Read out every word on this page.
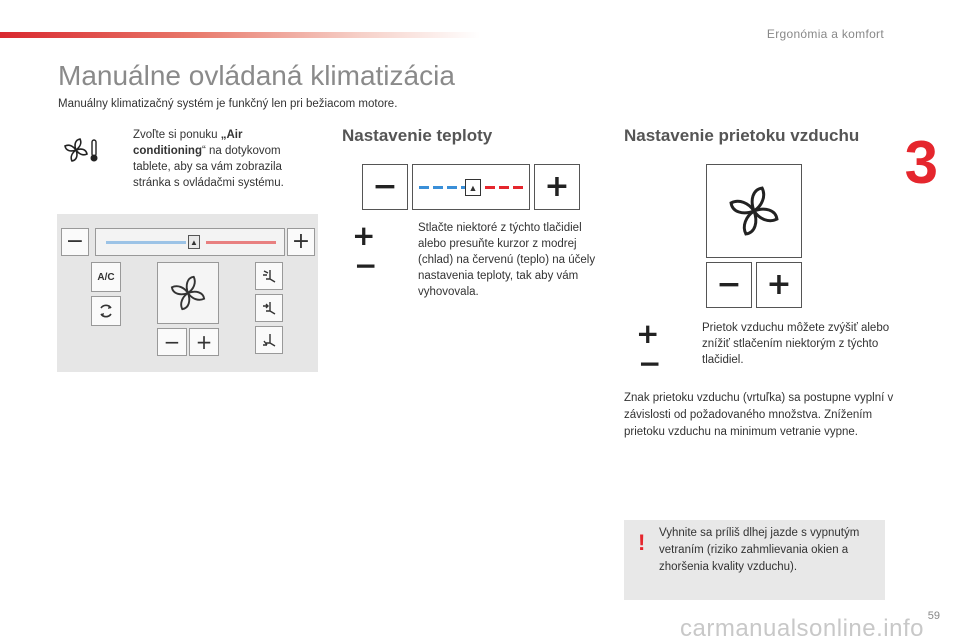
Ergonómia a komfort
3
Manuálne ovládaná klimatizácia
Manuálny klimatizačný systém je funkčný len pri bežiacom motore.
Zvoľte si ponuku „Air conditioning“ na dotykovom tablete, aby sa vám zobrazila stránka s ovládačmi systému.
−	▲	+
A/C
− +
Nastavenie teploty
−	▲ +
+
−
Stlačte niektoré z týchto tlačidiel alebo presuňte kurzor z modrej (chlad) na červenú (teplo) na účely nastavenia teploty, tak aby vám vyhovovala.
Nastavenie prietoku vzduchu
− +
+
−
Prietok vzduchu môžete zvýšiť alebo znížiť stlačením niektorým z týchto tlačidiel.
Znak prietoku vzduchu (vrtuľka) sa postupne vyplní v závislosti od požadovaného množstva. Znížením prietoku vzduchu na minimum vetranie vypne.
! Vyhnite sa príliš dlhej jazde s vypnutým vetraním (riziko zahmlievania okien a zhoršenia kvality vzduchu).
59
carmanualsonline.info
